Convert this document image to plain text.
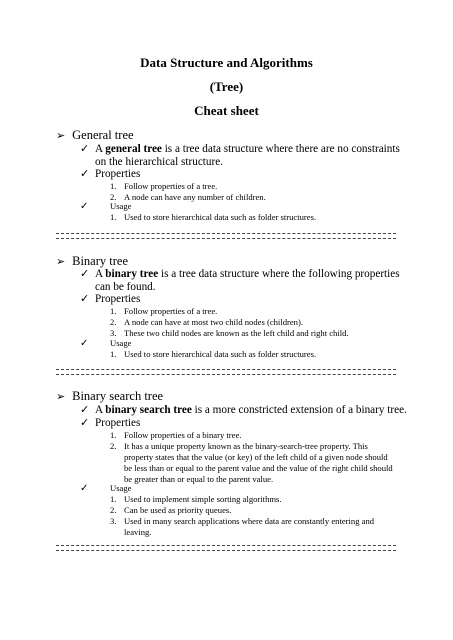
Data Structure and Algorithms
(Tree)
Cheat sheet
➢ General tree
✓ A general tree is a tree data structure where there are no constraints
on the hierarchical structure.
✓ Properties
1. Follow properties of a tree.
2. A node can have any number of children.
✓	Usage
1. Used to store hierarchical data such as folder structures.
➢ Binary tree
✓ A binary tree is a tree data structure where the following properties
can be found.
✓ Properties
1. Follow properties of a tree.
2. A node can have at most two child nodes (children).
3. These two child nodes are known as the left child and right child.
✓	Usage
1. Used to store hierarchical data such as folder structures.
➢ Binary search tree
✓ A binary search tree is a more constricted extension of a binary tree.
✓ Properties
1. Follow properties of a binary tree.
2. It has a unique property known as the binary-search-tree property. This property states that the value (or key) of the left child of a given node should be less than or equal to the parent value and the value of the right child should be greater than or equal to the parent value.
✓	Usage
1. Used to implement simple sorting algorithms.
2. Can be used as priority queues.
3. Used in many search applications where data are constantly entering and leaving.
